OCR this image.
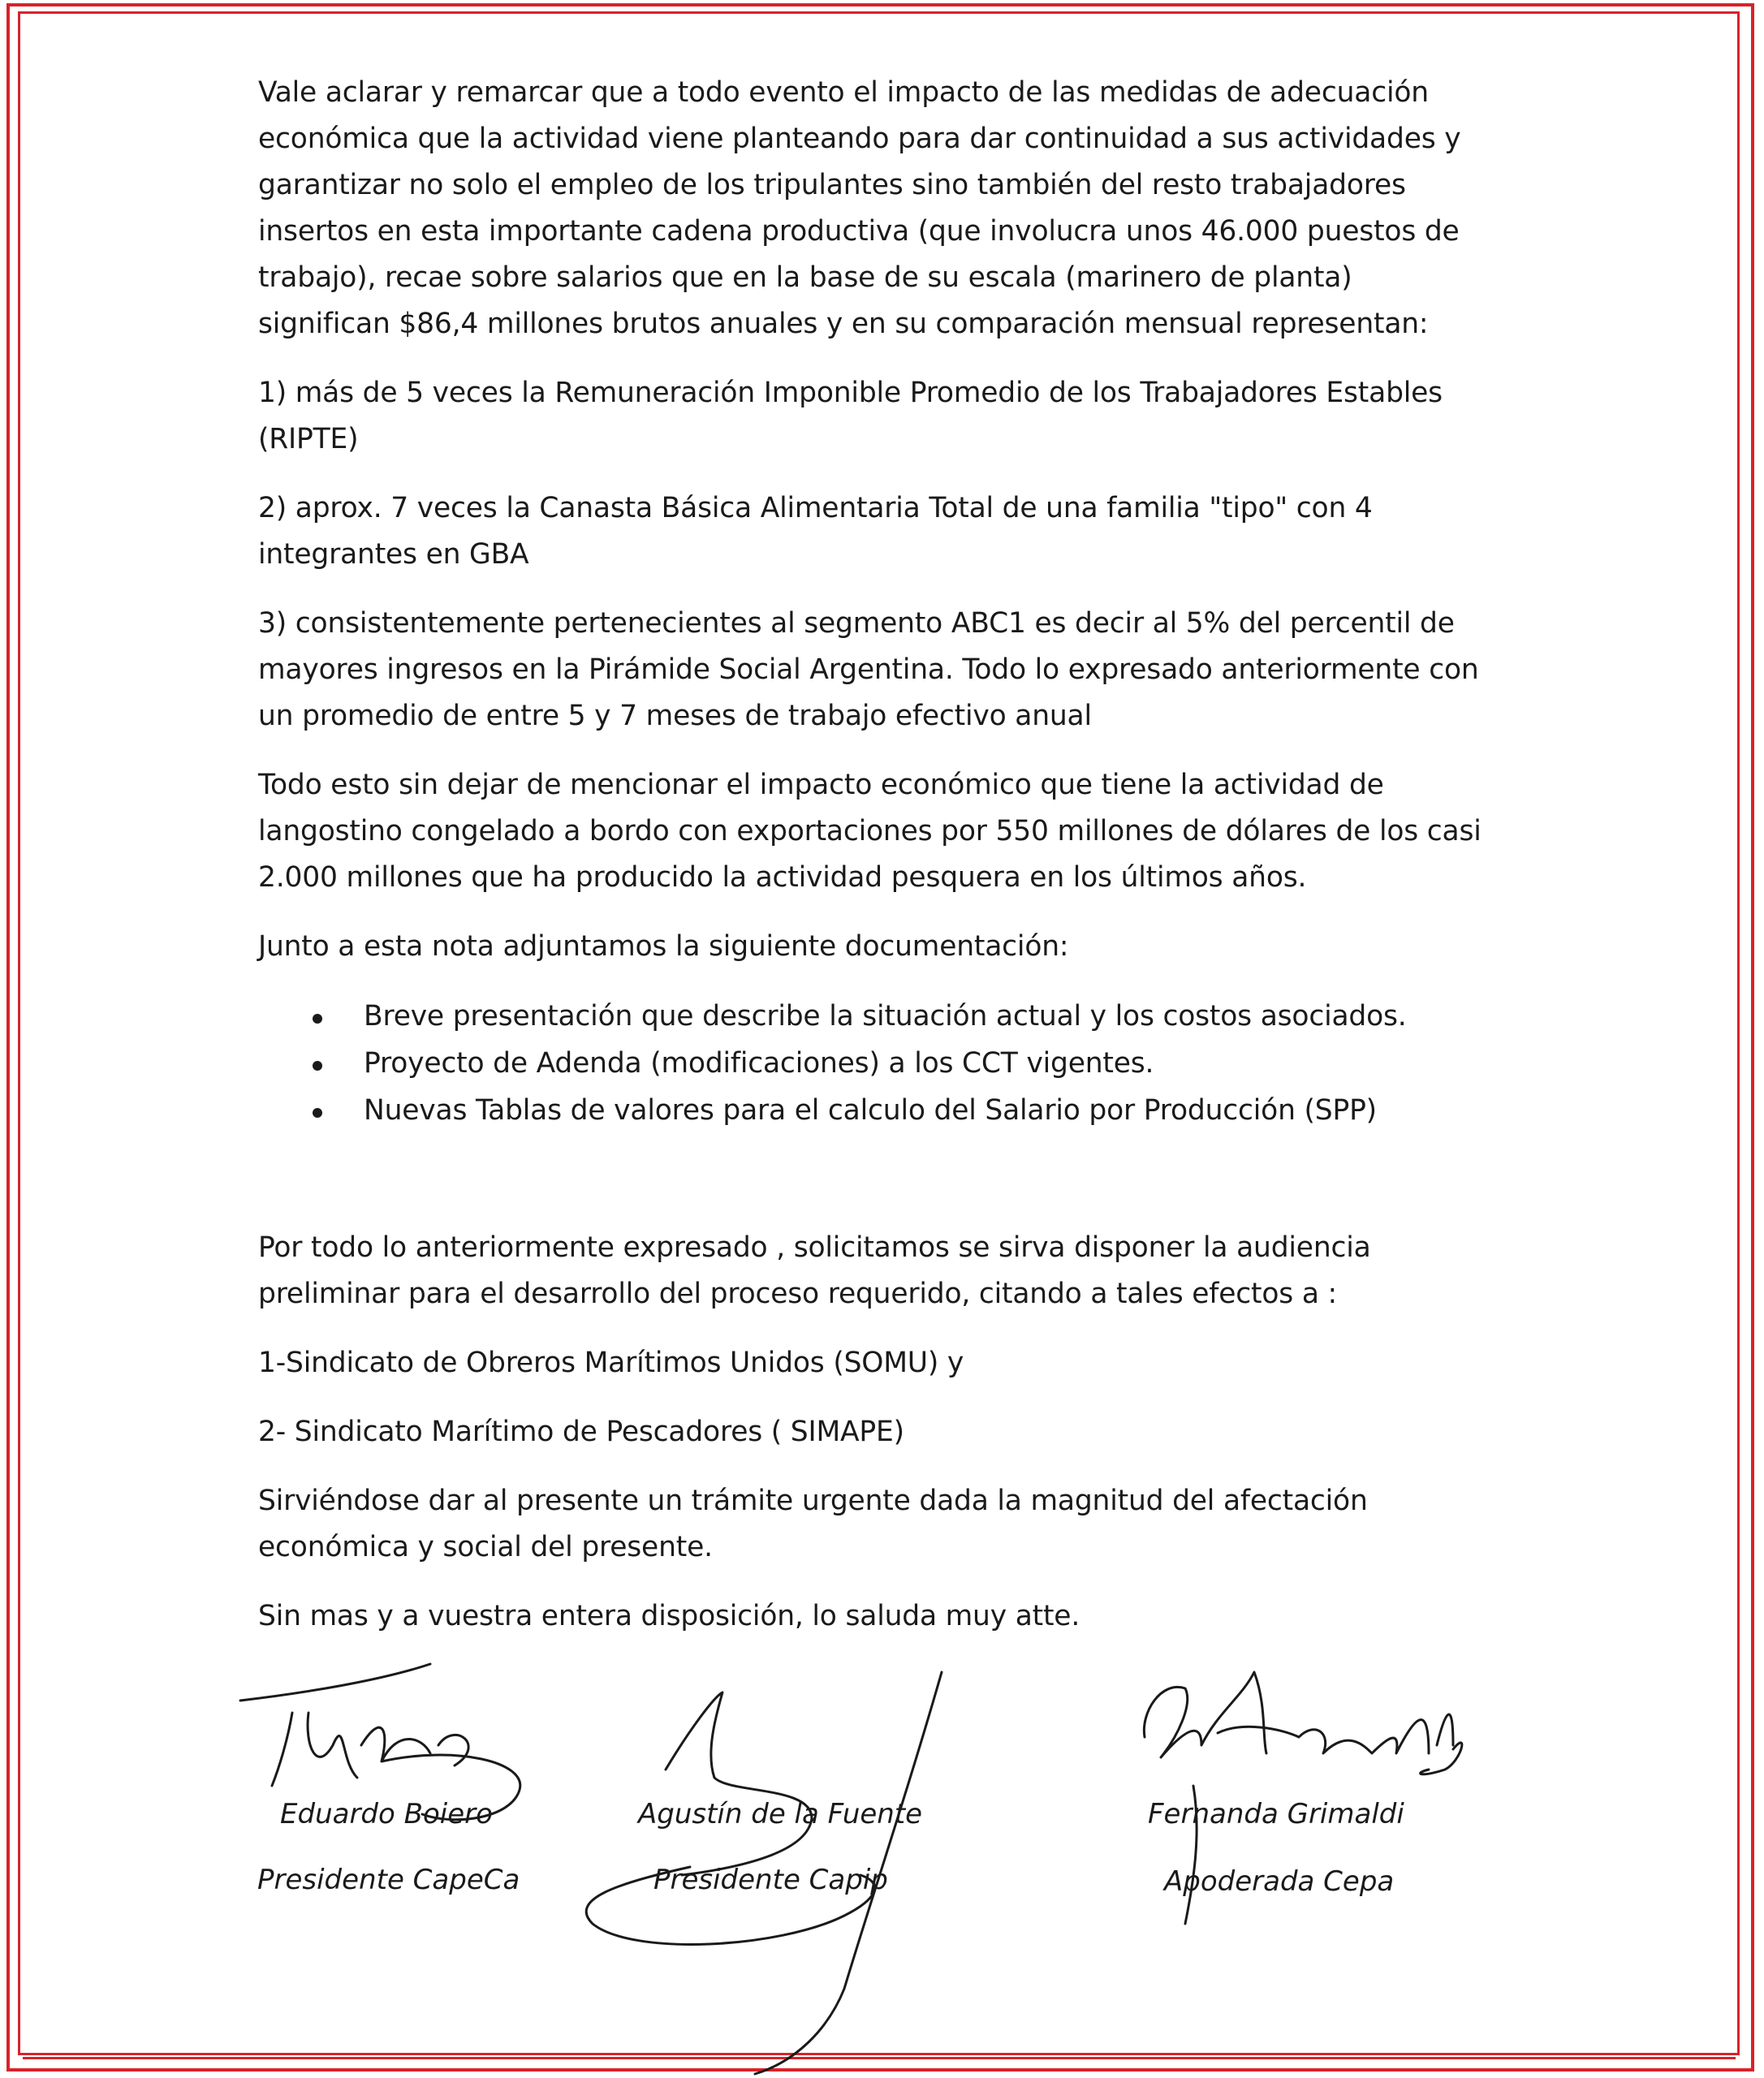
Vale aclarar y remarcar que a todo evento el impacto de las medidas de adecuación económica que la actividad viene planteando para dar continuidad a sus actividades y garantizar no solo el empleo de los tripulantes sino también del resto trabajadores insertos en esta importante cadena productiva (que involucra unos 46.000 puestos de trabajo), recae sobre salarios que en la base de su escala (marinero de planta) significan $86,4 millones brutos anuales y en su comparación mensual representan:

1) más de 5 veces la Remuneración Imponible Promedio de los Trabajadores Estables (RIPTE)

2) aprox. 7 veces la Canasta Básica Alimentaria Total de una familia "tipo" con 4 integrantes en GBA

3) consistentemente pertenecientes al segmento ABC1 es decir al 5% del percentil de mayores ingresos en la Pirámide Social Argentina. Todo lo expresado anteriormente con un promedio de entre 5 y 7 meses de trabajo efectivo anual

Todo esto sin dejar de mencionar el impacto económico que tiene la actividad de langostino congelado a bordo con exportaciones por 550 millones de dólares de los casi 2.000 millones que ha producido la actividad pesquera en los últimos años.

Junto a esta nota adjuntamos la siguiente documentación:

Breve presentación que describe la situación actual y los costos asociados.
Proyecto de Adenda (modificaciones) a los CCT vigentes.
Nuevas Tablas de valores para el calculo del Salario por Producción (SPP)

Por todo lo anteriormente expresado , solicitamos se sirva disponer la audiencia preliminar para el desarrollo del proceso requerido, citando a tales efectos a :

1-Sindicato de Obreros Marítimos Unidos (SOMU) y

2- Sindicato Marítimo de Pescadores ( SIMAPE)

Sirviéndose dar al presente un trámite urgente dada la magnitud del afectación económica y social del presente.

Sin mas y a vuestra entera disposición, lo saluda muy atte.

Eduardo Boiero
Presidente CapeCa
Agustín de la Fuente
Presidente Capip
Fernanda Grimaldi
Apoderada Cepa
